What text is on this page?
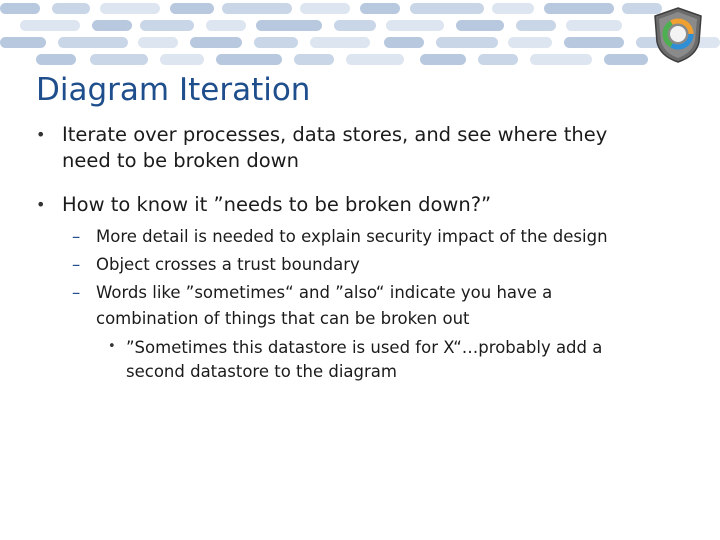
Diagram Iteration
• Iterate over processes, data stores, and see where they need to be broken down
• How to know it ”needs to be broken down?”
– More detail is needed to explain security impact of the design
– Object crosses a trust boundary
– Words like ”sometimes“ and ”also“ indicate you have a combination of things that can be broken out
• ”Sometimes this datastore is used for X“…probably add a second datastore to the diagram
